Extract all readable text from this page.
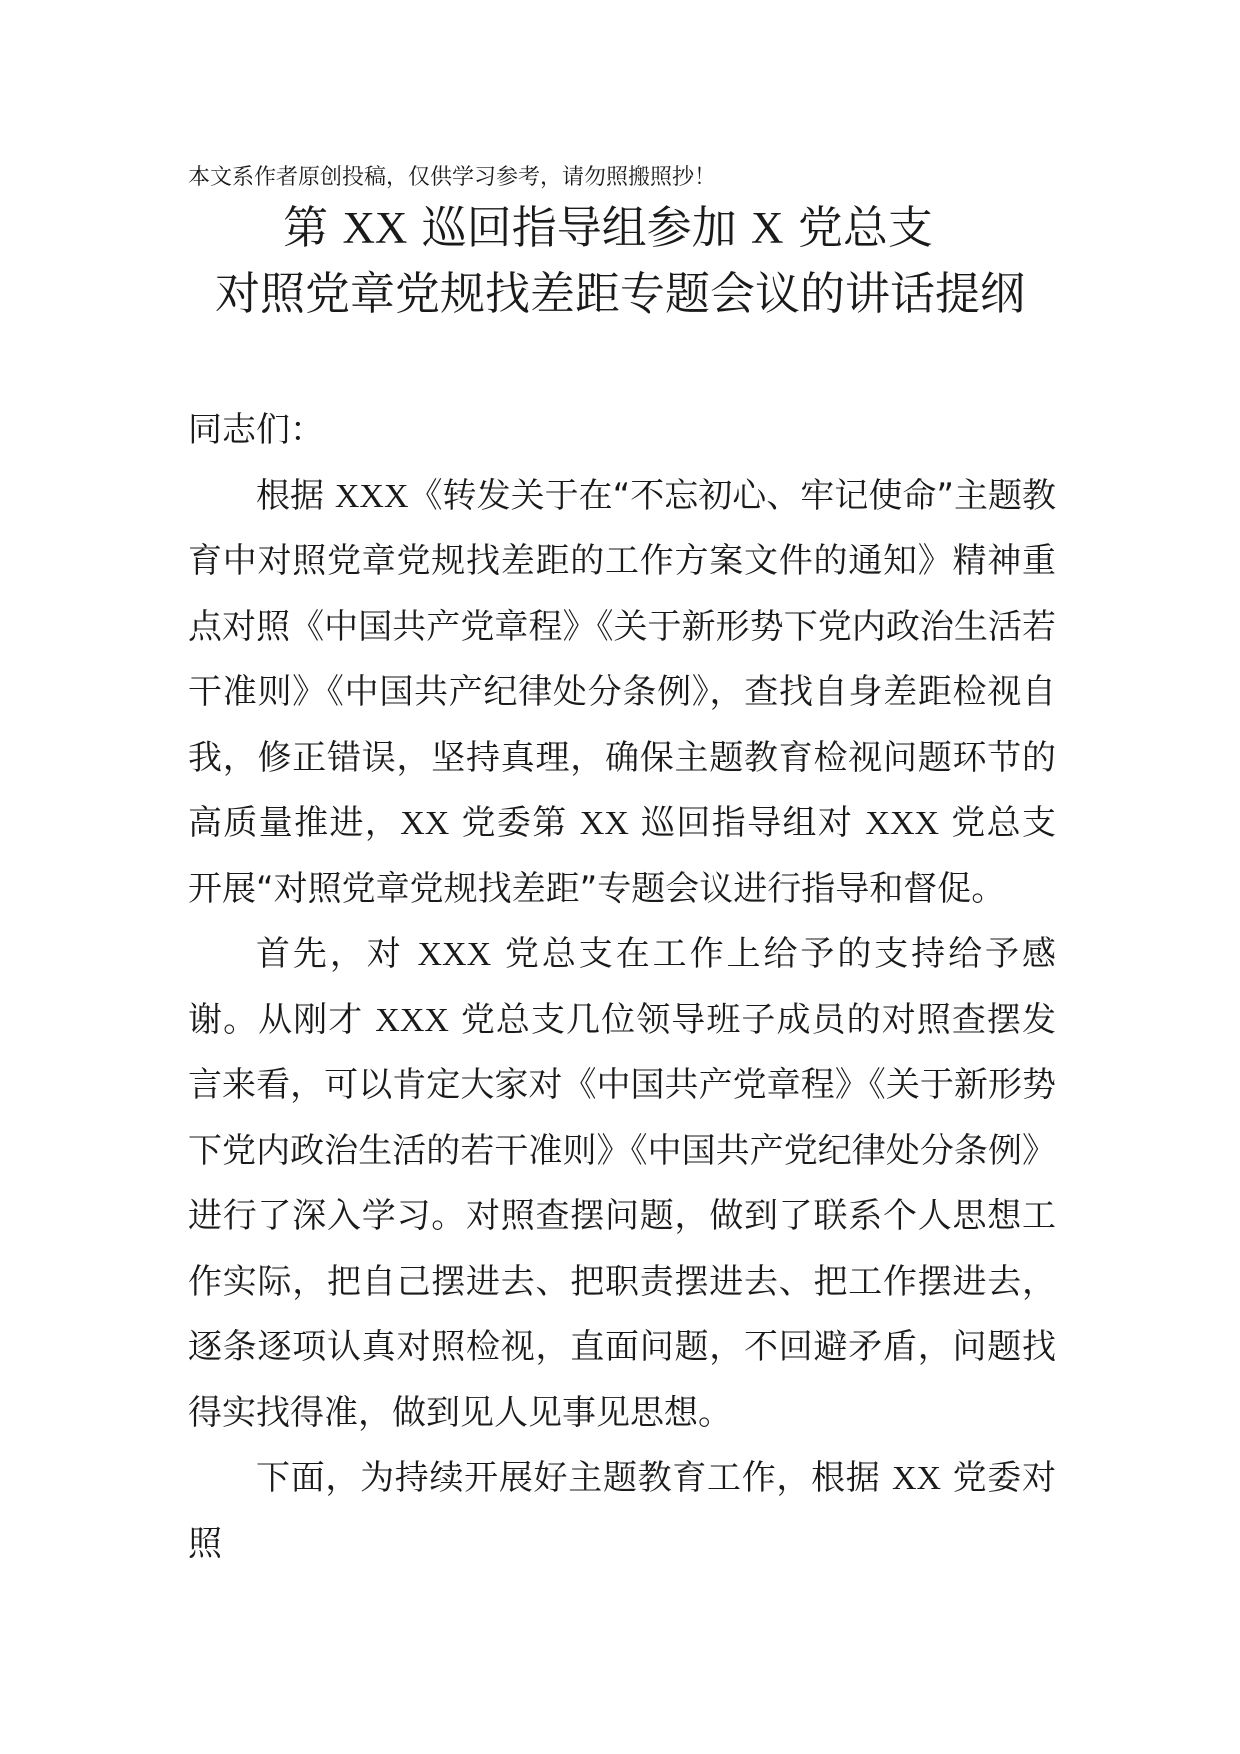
本文系作者原创投稿，仅供学习参考，请勿照搬照抄！
第 XX 巡回指导组参加 X 党总支
对照党章党规找差距专题会议的讲话提纲

同志们：

根据 XXX《转发关于在“不忘初心、牢记使命”主题教育中对照党章党规找差距的工作方案文件的通知》精神重点对照《中国共产党章程》《关于新形势下党内政治生活若干准则》《中国共产纪律处分条例》，查找自身差距检视自我，修正错误，坚持真理，确保主题教育检视问题环节的高质量推进，XX 党委第 XX 巡回指导组对 XXX 党总支开展“对照党章党规找差距”专题会议进行指导和督促。

首先，对 XXX 党总支在工作上给予的支持给予感谢。从刚才 XXX 党总支几位领导班子成员的对照查摆发言来看，可以肯定大家对《中国共产党章程》《关于新形势下党内政治生活的若干准则》《中国共产党纪律处分条例》进行了深入学习。对照查摆问题，做到了联系个人思想工作实际，把自己摆进去、把职责摆进去、把工作摆进去，逐条逐项认真对照检视，直面问题，不回避矛盾，问题找得实找得准，做到见人见事见思想。

下面，为持续开展好主题教育工作，根据 XX 党委对照
